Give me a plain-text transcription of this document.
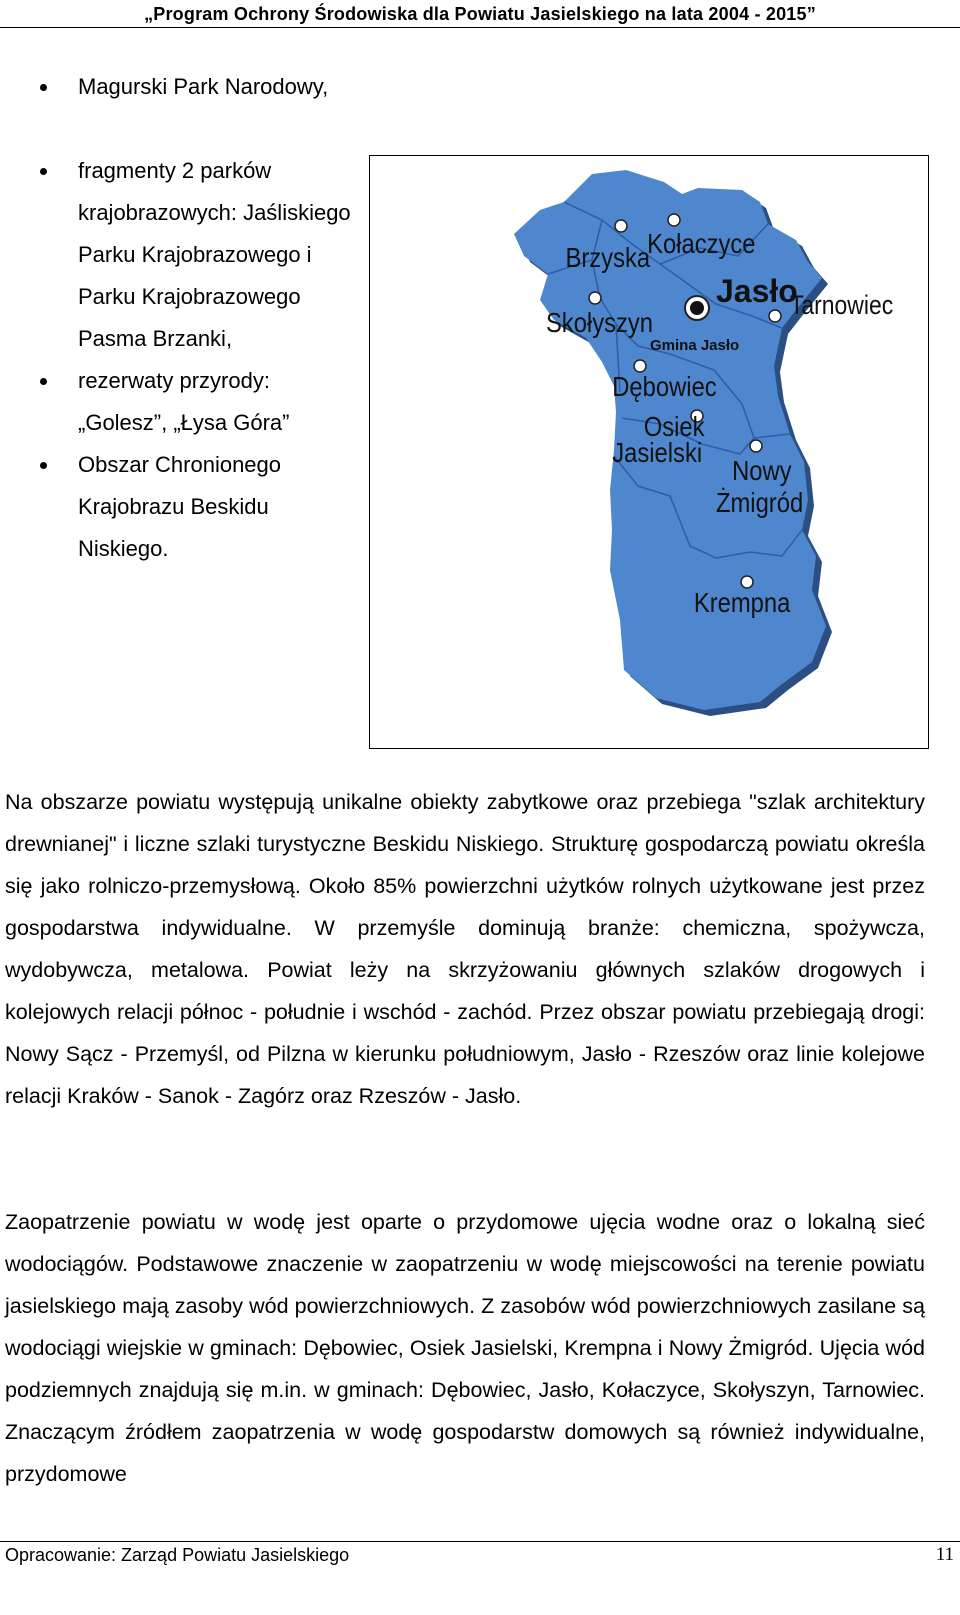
„Program Ochrony Środowiska dla Powiatu Jasielskiego na lata 2004 - 2015”
Magurski Park Narodowy,
fragmenty 2 parków krajobrazowych: Jaśliskiego Parku Krajobrazowego i Parku Krajobrazowego Pasma Brzanki,
rezerwaty przyrody: „Golesz”, „Łysa Góra”
Obszar Chronionego Krajobrazu Beskidu Niskiego.
Brzyska
Kołaczyce
Jasło
Tarnowiec
Skołyszyn
Gmina Jasło
Dębowiec
Osiek
Jasielski
Nowy
Żmigród
Krempna

Na obszarze powiatu występują unikalne obiekty zabytkowe oraz przebiega "szlak architektury drewnianej" i liczne szlaki turystyczne Beskidu Niskiego. Strukturę gospodarczą powiatu określa się jako rolniczo-przemysłową. Około 85% powierzchni użytków rolnych użytkowane jest przez gospodarstwa indywidualne. W przemyśle dominują branże: chemiczna, spożywcza, wydobywcza, metalowa. Powiat leży na skrzyżowaniu głównych szlaków drogowych i kolejowych relacji północ - południe i wschód - zachód. Przez obszar powiatu przebiegają drogi: Nowy Sącz - Przemyśl, od Pilzna w kierunku południowym, Jasło - Rzeszów oraz linie kolejowe relacji Kraków - Sanok - Zagórz oraz Rzeszów - Jasło.

Zaopatrzenie powiatu w wodę jest oparte o przydomowe ujęcia wodne oraz o lokalną sieć wodociągów. Podstawowe znaczenie w zaopatrzeniu w wodę miejscowości na terenie powiatu jasielskiego mają zasoby wód powierzchniowych. Z zasobów wód powierzchniowych zasilane są wodociągi wiejskie w gminach: Dębowiec, Osiek Jasielski, Krempna i Nowy Żmigród. Ujęcia wód podziemnych znajdują się m.in. w gminach: Dębowiec, Jasło, Kołaczyce, Skołyszyn, Tarnowiec. Znaczącym źródłem zaopatrzenia w wodę gospodarstw domowych są również indywidualne, przydomowe

Opracowanie: Zarząd Powiatu Jasielskiego	11
